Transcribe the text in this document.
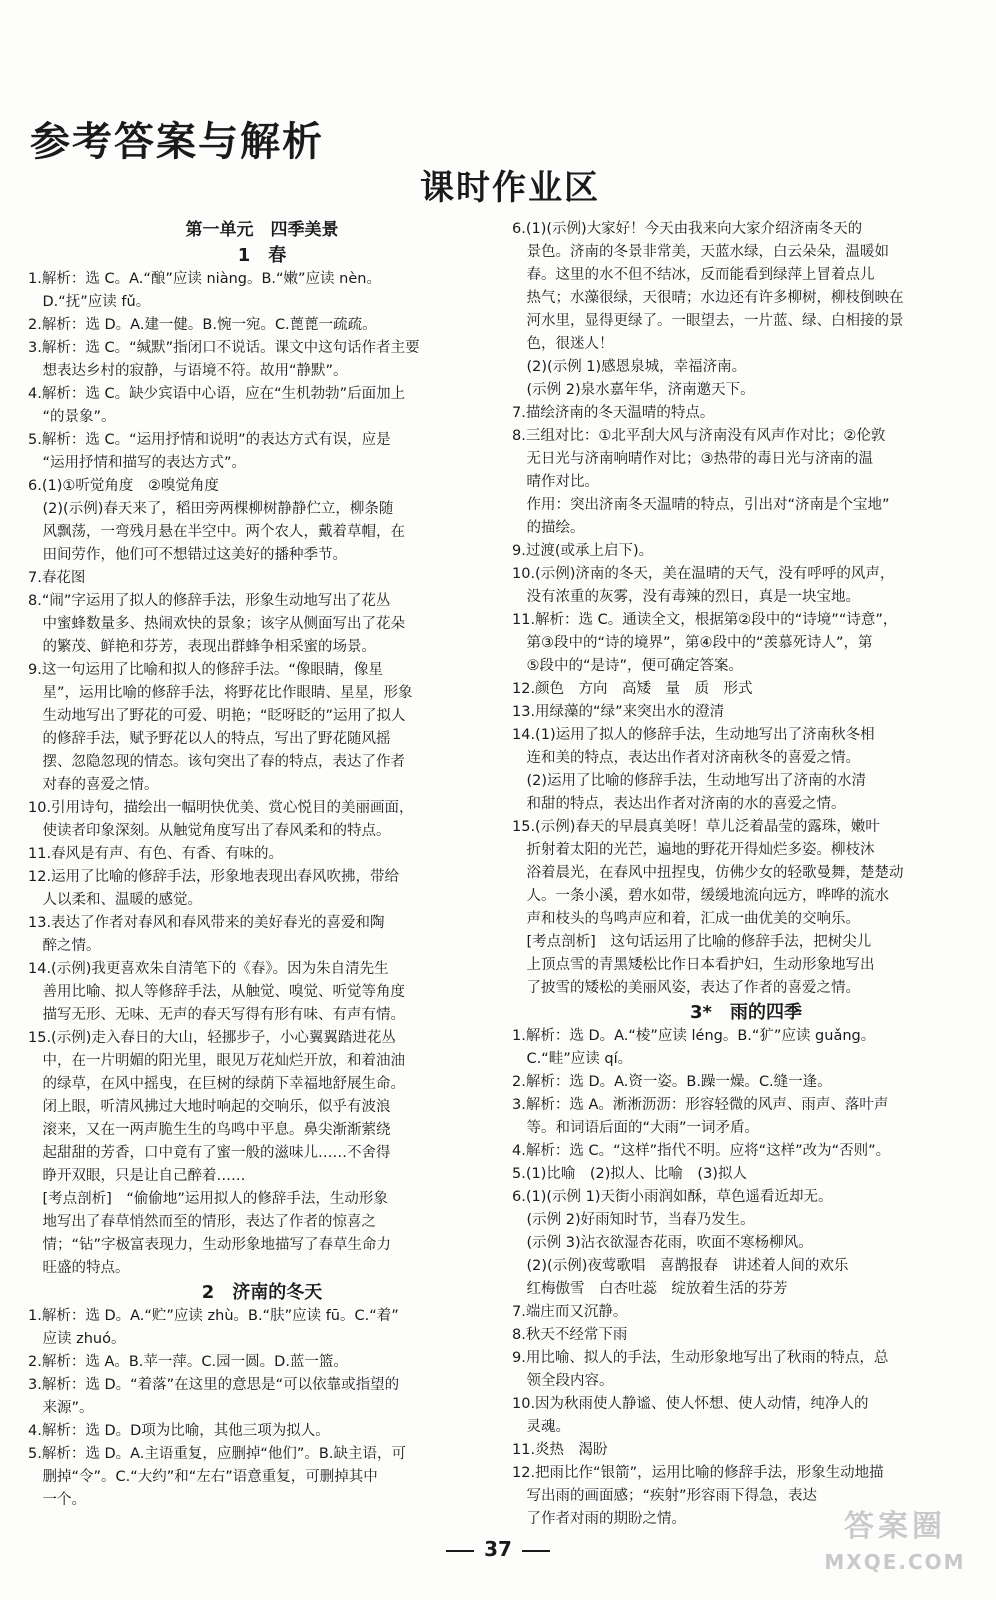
参考答案与解析
课时作业区
第一单元　四季美景
1　春
1.解析：选 C。A.“酿”应读 niàng。B.“嫩”应读 nèn。
　D.“抚”应读 fǔ。
2.解析：选 D。A.建一健。B.惋一宛。C.蓖蓖一疏疏。
3.解析：选 C。“缄默”指闭口不说话。课文中这句话作者主要
　想表达乡村的寂静，与语境不符。故用“静默”。
4.解析：选 C。缺少宾语中心语，应在“生机勃勃”后面加上
　“的景象”。
5.解析：选 C。“运用抒情和说明”的表达方式有误，应是
　“运用抒情和描写的表达方式”。
6.(1)①听觉角度　②嗅觉角度
　(2)(示例)春天来了，稻田旁两棵柳树静静伫立，柳条随
　风飘荡，一弯残月悬在半空中。两个农人，戴着草帽，在
　田间劳作，他们可不想错过这美好的播种季节。
7.春花图
8.“闹”字运用了拟人的修辞手法，形象生动地写出了花丛
　中蜜蜂数量多、热闹欢快的景象；该字从侧面写出了花朵
　的繁茂、鲜艳和芬芳，表现出群蜂争相采蜜的场景。
9.这一句运用了比喻和拟人的修辞手法。“像眼睛，像星
　星”，运用比喻的修辞手法，将野花比作眼睛、星星，形象
　生动地写出了野花的可爱、明艳；“眨呀眨的”运用了拟人
　的修辞手法，赋予野花以人的特点，写出了野花随风摇
　摆、忽隐忽现的情态。该句突出了春的特点，表达了作者
　对春的喜爱之情。
10.引用诗句，描绘出一幅明快优美、赏心悦目的美丽画面，
　使读者印象深刻。从触觉角度写出了春风柔和的特点。
11.春风是有声、有色、有香、有味的。
12.运用了比喻的修辞手法，形象地表现出春风吹拂，带给
　人以柔和、温暖的感觉。
13.表达了作者对春风和春风带来的美好春光的喜爱和陶
　醉之情。
14.(示例)我更喜欢朱自清笔下的《春》。因为朱自清先生
　善用比喻、拟人等修辞手法，从触觉、嗅觉、听觉等角度
　描写无形、无味、无声的春天写得有形有味、有声有情。
15.(示例)走入春日的大山，轻挪步子，小心翼翼踏进花丛
　中，在一片明媚的阳光里，眼见万花灿烂开放，和着油油
　的绿草，在风中摇曳，在巨树的绿荫下幸福地舒展生命。
　闭上眼，听清风拂过大地时响起的交响乐，似乎有波浪
　滚来，又在一两声脆生生的鸟鸣中平息。鼻尖渐渐萦绕
　起甜甜的芳香，口中竟有了蜜一般的滋味儿……不舍得
　睁开双眼，只是让自己醉着……
　[考点剖析]　“偷偷地”运用拟人的修辞手法，生动形象
　地写出了春草悄然而至的情形，表达了作者的惊喜之
　情；“钻”字极富表现力，生动形象地描写了春草生命力
　旺盛的特点。
2　济南的冬天
1.解析：选 D。A.“贮”应读 zhù。B.“肤”应读 fū。C.“着”
　应读 zhuó。
2.解析：选 A。B.苹一萍。C.园一圆。D.蓝一篮。
3.解析：选 D。“着落”在这里的意思是“可以依靠或指望的
　来源”。
4.解析：选 D。D项为比喻，其他三项为拟人。
5.解析：选 D。A.主语重复，应删掉“他们”。B.缺主语，可
　删掉“令”。C.“大约”和“左右”语意重复，可删掉其中
　一个。
6.(1)(示例)大家好！今天由我来向大家介绍济南冬天的
　景色。济南的冬景非常美，天蓝水绿，白云朵朵，温暖如
　春。这里的水不但不结冰，反而能看到绿萍上冒着点儿
　热气；水藻很绿，天很晴；水边还有许多柳树，柳枝倒映在
　河水里，显得更绿了。一眼望去，一片蓝、绿、白相接的景
　色，很迷人！
　(2)(示例 1)感恩泉城，幸福济南。
　(示例 2)泉水嘉年华，济南邀天下。
7.描绘济南的冬天温晴的特点。
8.三组对比：①北平刮大风与济南没有风声作对比；②伦敦
　无日光与济南响晴作对比；③热带的毒日光与济南的温
　晴作对比。
　作用：突出济南冬天温晴的特点，引出对“济南是个宝地”
　的描绘。
9.过渡(或承上启下)。
10.(示例)济南的冬天，美在温晴的天气，没有呼呼的风声，
　没有浓重的灰雾，没有毒辣的烈日，真是一块宝地。
11.解析：选 C。通读全文，根据第②段中的“诗境”“诗意”，
　第③段中的“诗的境界”，第④段中的“羡慕死诗人”，第
　⑤段中的“是诗”，便可确定答案。
12.颜色　方向　高矮　量　质　形式
13.用绿藻的“绿”来突出水的澄清
14.(1)运用了拟人的修辞手法，生动地写出了济南秋冬相
　连和美的特点，表达出作者对济南秋冬的喜爱之情。
　(2)运用了比喻的修辞手法，生动地写出了济南的水清
　和甜的特点，表达出作者对济南的水的喜爱之情。
15.(示例)春天的早晨真美呀！草儿泛着晶莹的露珠，嫩叶
　折射着太阳的光芒，遍地的野花开得灿烂多姿。柳枝沐
　浴着晨光，在春风中扭捏曳，仿佛少女的轻歌曼舞，楚楚动
　人。一条小溪，碧水如带，缓缓地流向远方，哗哗的流水
　声和枝头的鸟鸣声应和着，汇成一曲优美的交响乐。
　[考点剖析]　这句话运用了比喻的修辞手法，把树尖儿
　上顶点雪的青黑矮松比作日本看护妇，生动形象地写出
　了披雪的矮松的美丽风姿，表达了作者的喜爱之情。
3*　雨的四季
1.解析：选 D。A.“棱”应读 léng。B.“犷”应读 guǎng。
　C.“畦”应读 qí。
2.解析：选 D。A.资一姿。B.躁一燥。C.缝一逢。
3.解析：选 A。淅淅沥沥：形容轻微的风声、雨声、落叶声
　等。和词语后面的“大雨”一词矛盾。
4.解析：选 C。“这样”指代不明。应将“这样”改为“否则”。
5.(1)比喻　(2)拟人、比喻　(3)拟人
6.(1)(示例 1)天街小雨润如酥，草色遥看近却无。
　(示例 2)好雨知时节，当春乃发生。
　(示例 3)沾衣欲湿杏花雨，吹面不寒杨柳风。
　(2)(示例)夜莺歌唱　喜鹊报春　讲述着人间的欢乐
　红梅傲雪　白杏吐蕊　绽放着生活的芬芳
7.端庄而又沉静。
8.秋天不经常下雨
9.用比喻、拟人的手法，生动形象地写出了秋雨的特点，总
　领全段内容。
10.因为秋雨使人静谧、使人怀想、使人动情，纯净人的
　灵魂。
11.炎热　渴盼
12.把雨比作“银箭”，运用比喻的修辞手法，形象生动地描
　写出雨的画面感；“疾射”形容雨下得急，表达
　了作者对雨的期盼之情。
37
答案圈
MXQE.COM
